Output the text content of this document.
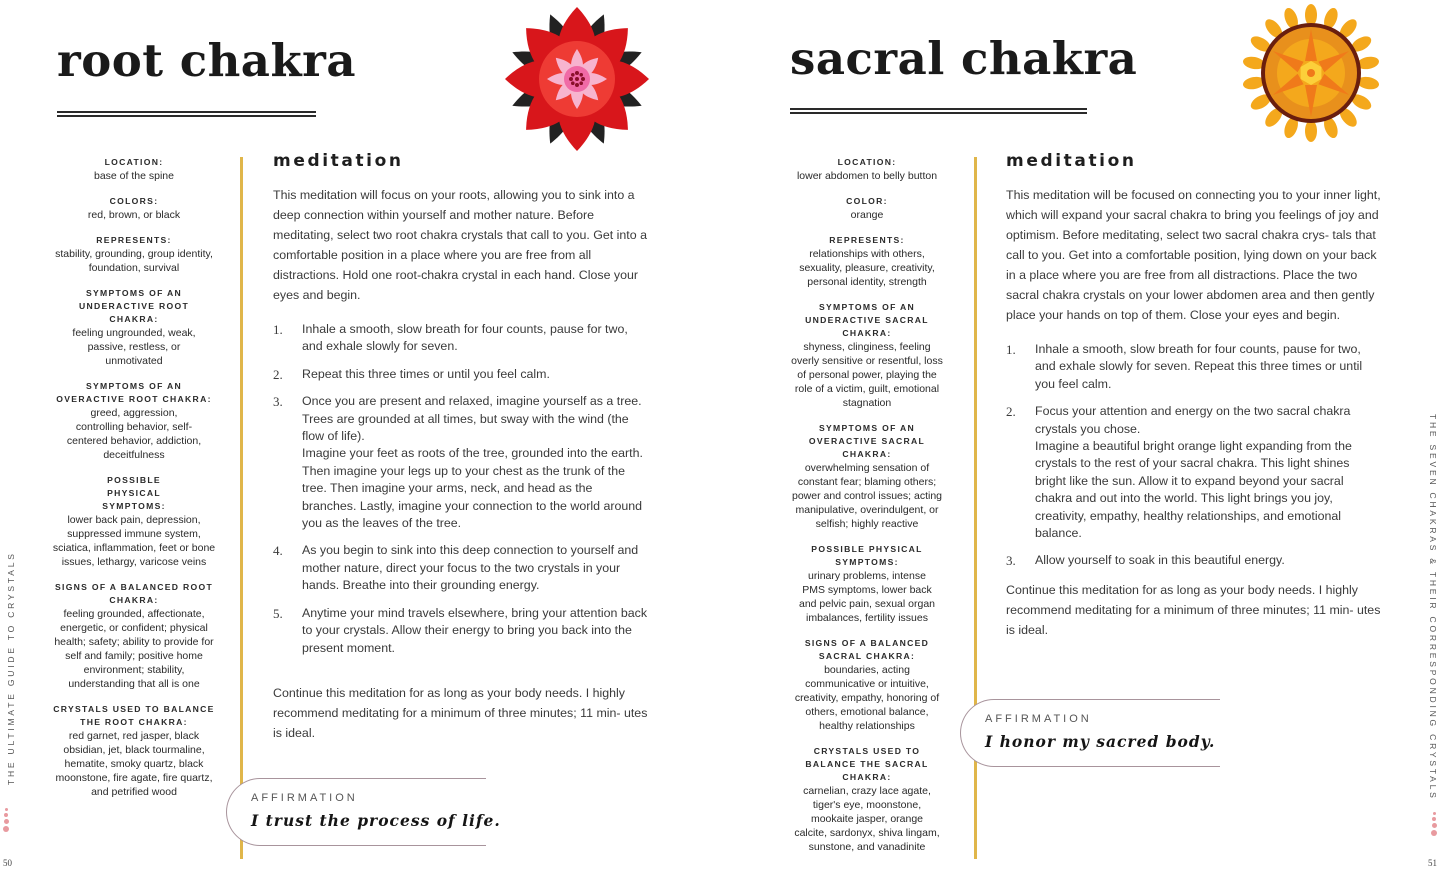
root chakra
LOCATION:
base of the spine
COLORS:
red, brown, or black
REPRESENTS:
stability, grounding, group identity, foundation, survival
SYMPTOMS OF AN UNDERACTIVE ROOT CHAKRA:
feeling ungrounded, weak, passive, restless, or unmotivated
SYMPTOMS OF AN OVERACTIVE ROOT CHAKRA:
greed, aggression, controlling behavior, self-centered behavior, addiction, deceitfulness
POSSIBLE PHYSICAL SYMPTOMS:
lower back pain, depression, suppressed immune system, sciatica, inflammation, feet or bone issues, lethargy, varicose veins
SIGNS OF A BALANCED ROOT CHAKRA:
feeling grounded, affectionate, energetic, or confident; physical health; safety; ability to provide for self and family; positive home environment; stability, understanding that all is one
CRYSTALS USED TO BALANCE THE ROOT CHAKRA:
red garnet, red jasper, black obsidian, jet, black tourmaline, hematite, smoky quartz, black moonstone, fire agate, fire quartz, and petrified wood
meditation

This meditation will focus on your roots, allowing you to sink into a deep connection within yourself and mother nature. Before meditating, select two root chakra crystals that call to you. Get into a comfortable position in a place where you are free from all distractions. Hold one root-chakra crystal in each hand. Close your eyes and begin.

1. Inhale a smooth, slow breath for four counts, pause for two, and exhale slowly for seven.
2. Repeat this three times or until you feel calm.
3. Once you are present and relaxed, imagine yourself as a tree.
Trees are grounded at all times, but sway with the wind (the flow of life).
Imagine your feet as roots of the tree, grounded into the earth. Then imagine your legs up to your chest as the trunk of the tree. Then imagine your arms, neck, and head as the branches. Lastly, imagine your connection to the world around you as the leaves of the tree.
4. As you begin to sink into this deep connection to yourself and mother nature, direct your focus to the two crystals in your hands. Breathe into their grounding energy.
5. Anytime your mind travels elsewhere, bring your attention back to your crystals. Allow their energy to bring you back into the present moment.

Continue this meditation for as long as your body needs. I highly recommend meditating for a minimum of three minutes; 11 min- utes is ideal.

AFFIRMATION
I trust the process of life.
THE ULTIMATE GUIDE TO CRYSTALS
50
sacral chakra
LOCATION:
lower abdomen to belly button
COLOR:
orange
REPRESENTS:
relationships with others, sexuality, pleasure, creativity, personal identity, strength
SYMPTOMS OF AN UNDERACTIVE SACRAL CHAKRA:
shyness, clinginess, feeling overly sensitive or resentful, loss of personal power, playing the role of a victim, guilt, emotional stagnation
SYMPTOMS OF AN OVERACTIVE SACRAL CHAKRA:
overwhelming sensation of constant fear; blaming others; power and control issues; acting manipulative, overindulgent, or selfish; highly reactive
POSSIBLE PHYSICAL SYMPTOMS:
urinary problems, intense PMS symptoms, lower back and pelvic pain, sexual organ imbalances, fertility issues
SIGNS OF A BALANCED SACRAL CHAKRA:
boundaries, acting communicative or intuitive, creativity, empathy, honoring of others, emotional balance, healthy relationships
CRYSTALS USED TO BALANCE THE SACRAL CHAKRA:
carnelian, crazy lace agate, tiger's eye, moonstone, mookaite jasper, orange calcite, sardonyx, shiva lingam, sunstone, and vanadinite
meditation

This meditation will be focused on connecting you to your inner light, which will expand your sacral chakra to bring you feelings of joy and optimism. Before meditating, select two sacral chakra crys- tals that call to you. Get into a comfortable position, lying down on your back in a place where you are free from all distractions. Place the two sacral chakra crystals on your lower abdomen area and then gently place your hands on top of them. Close your eyes and begin.

1. Inhale a smooth, slow breath for four counts, pause for two, and exhale slowly for seven. Repeat this three times or until you feel calm.
2. Focus your attention and energy on the two sacral chakra crystals you chose.
Imagine a beautiful bright orange light expanding from the crystals to the rest of your sacral chakra. This light shines bright like the sun. Allow it to expand beyond your sacral chakra and out into the world. This light brings you joy, creativity, empathy, healthy relationships, and emotional balance.
3. Allow yourself to soak in this beautiful energy.

Continue this meditation for as long as your body needs. I highly recommend meditating for a minimum of three minutes; 11 min- utes is ideal.

AFFIRMATION
I honor my sacred body.	THE SEVEN CHAKRAS & THEIR CORRESPONDING CRYSTALS
51
